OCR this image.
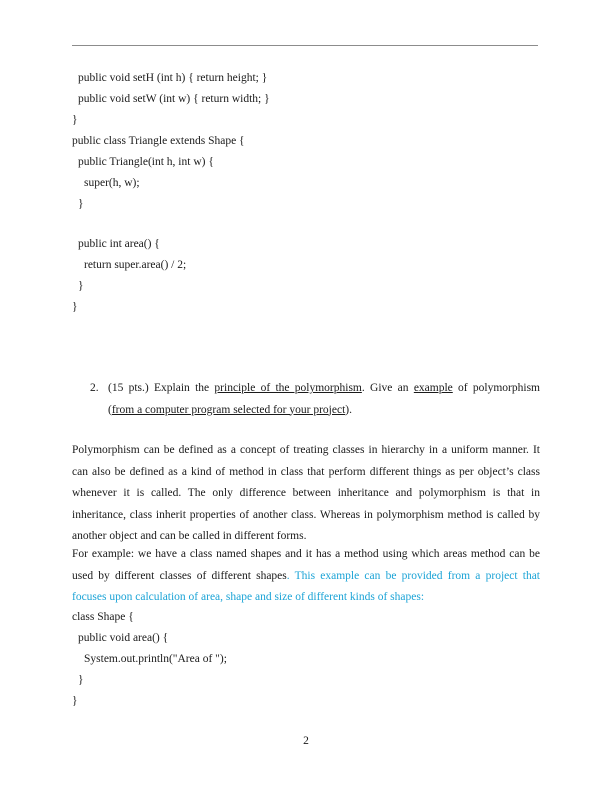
public void setH (int h) { return height; }
public void setW (int w) { return width; }
}
public class Triangle extends Shape {
public Triangle(int h, int w) {
super(h, w);
}
public int area() {
return super.area() / 2;
}
}
2. (15 pts.) Explain the principle of the polymorphism. Give an example of polymorphism (from a computer program selected for your project).
Polymorphism can be defined as a concept of treating classes in hierarchy in a uniform manner. It can also be defined as a kind of method in class that perform different things as per object’s class whenever it is called. The only difference between inheritance and polymorphism is that in inheritance, class inherit properties of another class. Whereas in polymorphism method is called by another object and can be called in different forms.
For example: we have a class named shapes and it has a method using which areas method can be used by different classes of different shapes. This example can be provided from a project that focuses upon calculation of area, shape and size of different kinds of shapes:
class Shape {
public void area() {
System.out.println("Area of ");
}
}
2
